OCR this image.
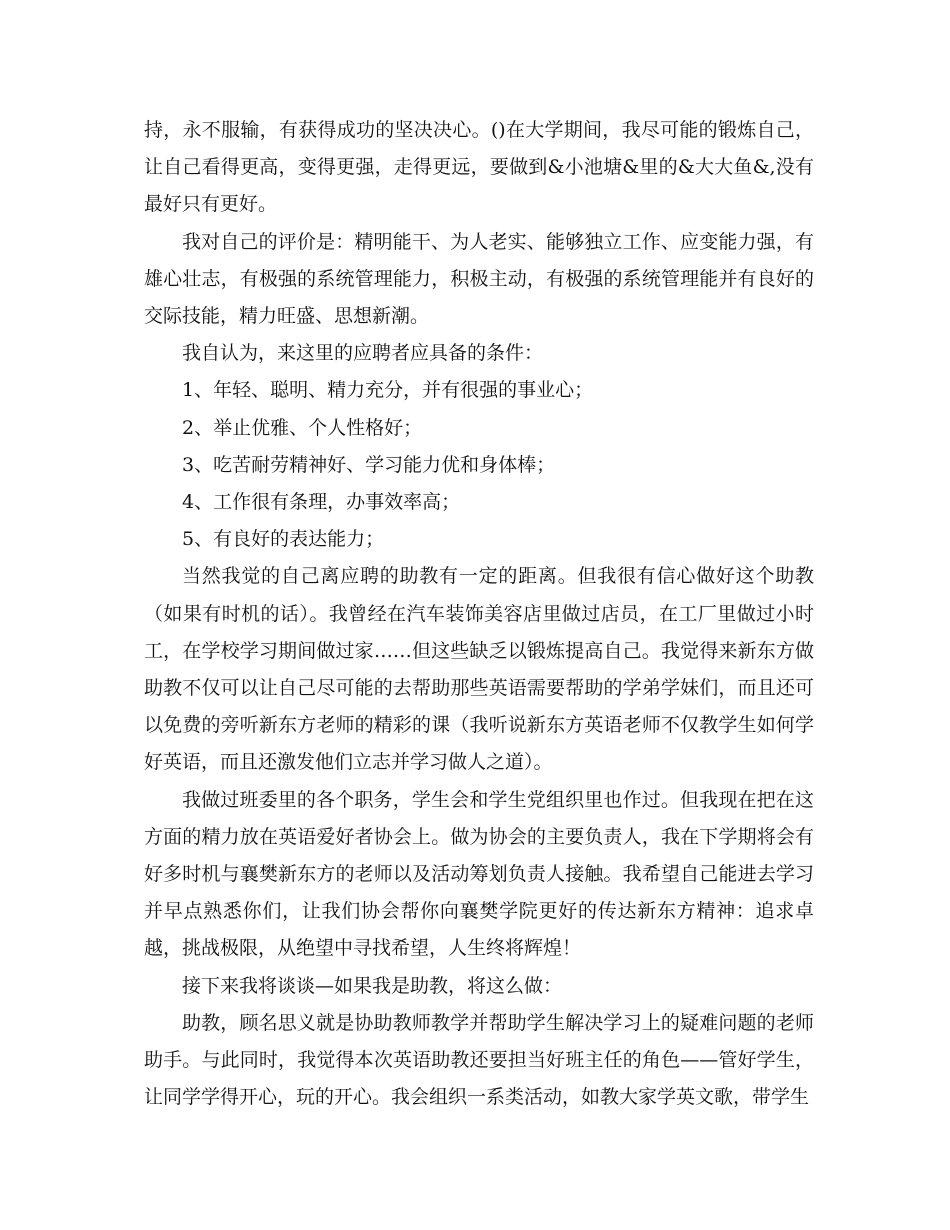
持，永不服输，有获得成功的坚决决心。()在大学期间，我尽可能的锻炼自己，让自己看得更高，变得更强，走得更远，要做到&小池塘&里的&大大鱼&,没有最好只有更好。

我对自己的评价是：精明能干、为人老实、能够独立工作、应变能力强，有雄心壮志，有极强的系统管理能力，积极主动，有极强的系统管理能并有良好的交际技能，精力旺盛、思想新潮。

我自认为，来这里的应聘者应具备的条件：

1、年轻、聪明、精力充分，并有很强的事业心；

2、举止优雅、个人性格好；

3、吃苦耐劳精神好、学习能力优和身体棒；

4、工作很有条理，办事效率高；

5、有良好的表达能力；

当然我觉的自己离应聘的助教有一定的距离。但我很有信心做好这个助教（如果有时机的话）。我曾经在汽车装饰美容店里做过店员，在工厂里做过小时工，在学校学习期间做过家……但这些缺乏以锻炼提高自己。我觉得来新东方做助教不仅可以让自己尽可能的去帮助那些英语需要帮助的学弟学妹们，而且还可以免费的旁听新东方老师的精彩的课（我听说新东方英语老师不仅教学生如何学好英语，而且还激发他们立志并学习做人之道）。

我做过班委里的各个职务，学生会和学生党组织里也作过。但我现在把在这方面的精力放在英语爱好者协会上。做为协会的主要负责人，我在下学期将会有好多时机与襄樊新东方的老师以及活动筹划负责人接触。我希望自己能进去学习并早点熟悉你们，让我们协会帮你向襄樊学院更好的传达新东方精神：追求卓越，挑战极限，从绝望中寻找希望，人生终将辉煌！

接下来我将谈谈—如果我是助教，将这么做：

助教，顾名思义就是协助教师教学并帮助学生解决学习上的疑难问题的老师助手。与此同时，我觉得本次英语助教还要担当好班主任的角色——管好学生，让同学学得开心，玩的开心。我会组织一系类活动，如教大家学英文歌，带学生
